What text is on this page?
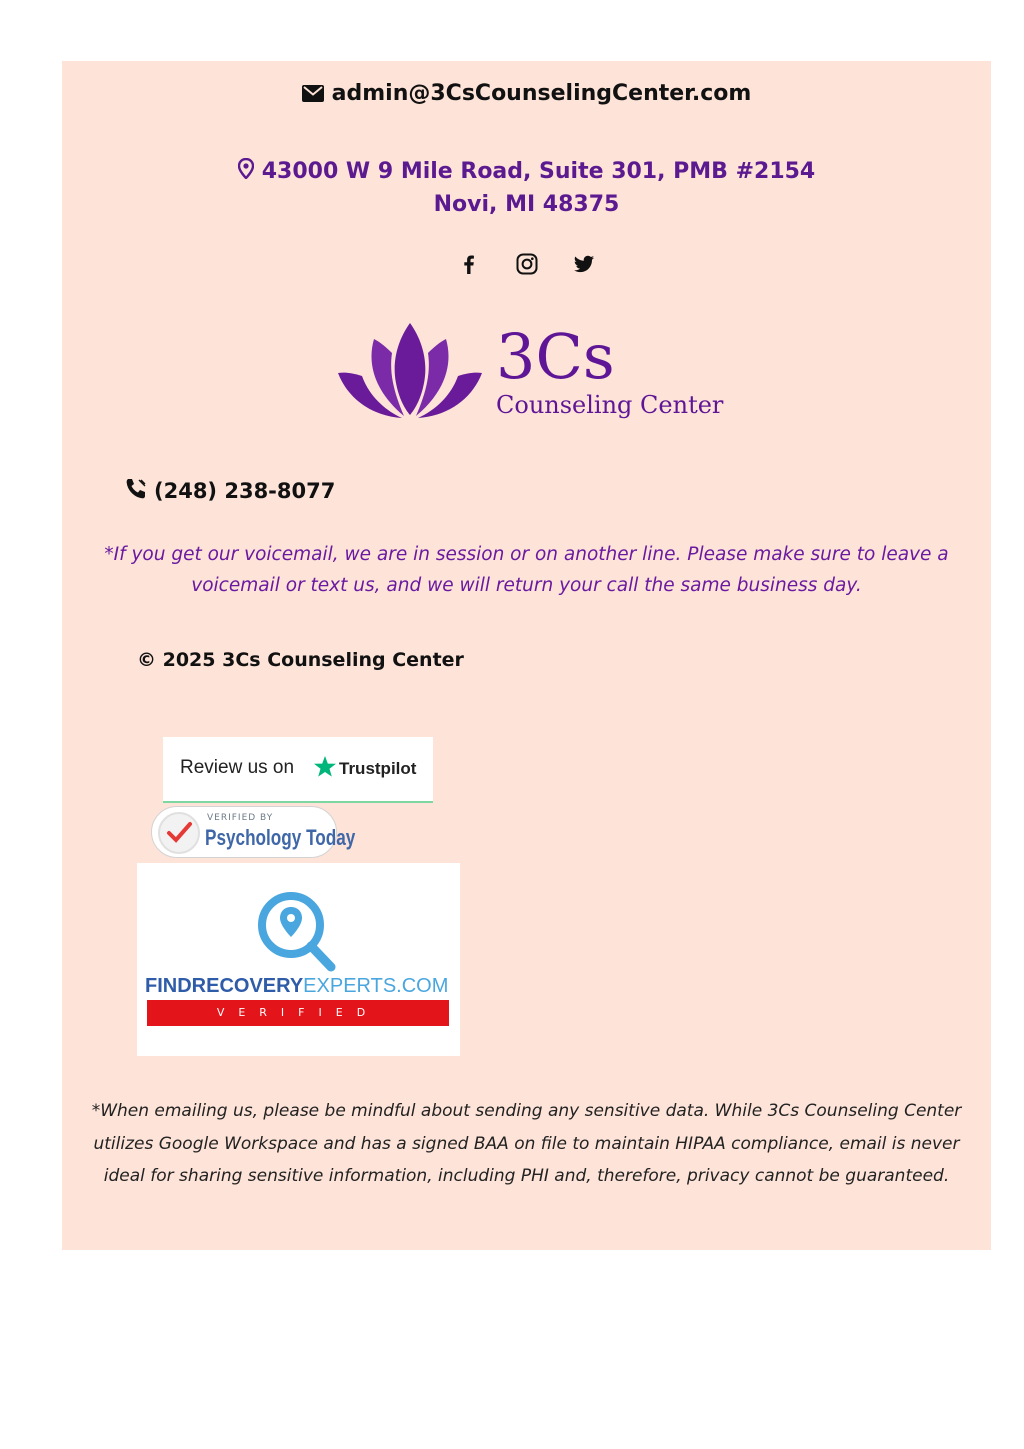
admin@3CsCounselingCenter.com
43000 W 9 Mile Road, Suite 301, PMB #2154
Novi, MI 48375

3Cs
Counseling Center
(248) 238-8077
*If you get our voicemail, we are in session or on another line. Please make sure to leave a voicemail or text us, and we will return your call the same business day.
© 2025 3Cs Counseling Center
Review us on	Trustpilot
VERIFIED BY
Psychology Today
FINDRECOVERYEXPERTS.COM
VERIFIED
*When emailing us, please be mindful about sending any sensitive data. While 3Cs Counseling Center utilizes Google Workspace and has a signed BAA on file to maintain HIPAA compliance, email is never ideal for sharing sensitive information, including PHI and, therefore, privacy cannot be guaranteed.
